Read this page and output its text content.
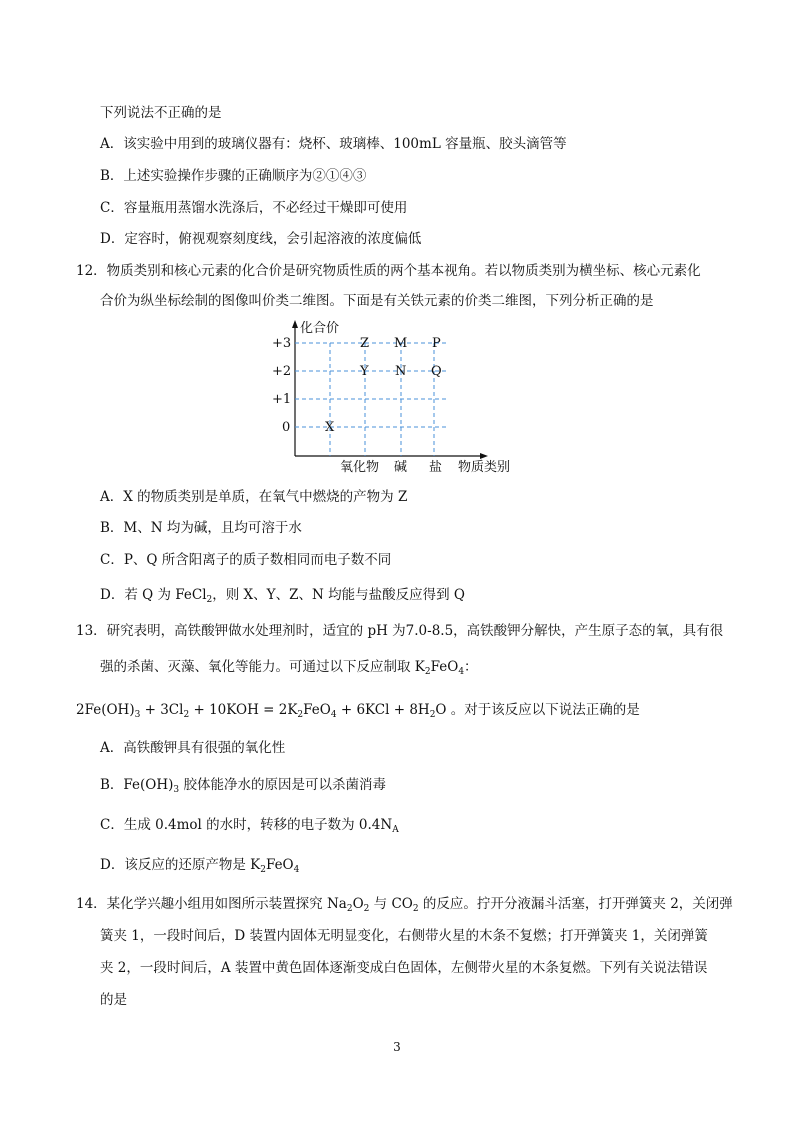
下列说法不正确的是
A．该实验中用到的玻璃仪器有：烧杯、玻璃棒、100mL 容量瓶、胶头滴管等
B．上述实验操作步骤的正确顺序为②①④③
C．容量瓶用蒸馏水洗涤后，不必经过干燥即可使用
D．定容时，俯视观察刻度线，会引起溶液的浓度偏低
12．物质类别和核心元素的化合价是研究物质性质的两个基本视角。若以物质类别为横坐标、核心元素化
合价为纵坐标绘制的图像叫价类二维图。下面是有关铁元素的价类二维图，下列分析正确的是
化合价
物质类别
+3
+2
+1
0
氧化物 碱 盐
X
Z
Y
M
N
P
Q
A．X 的物质类别是单质，在氧气中燃烧的产物为 Z
B．M、N 均为碱，且均可溶于水
C．P、Q 所含阳离子的质子数相同而电子数不同
D．若 Q 为 FeCl$_2$，则 X、Y、Z、N 均能与盐酸反应得到 Q
13．研究表明，高铁酸钾做水处理剂时，适宜的 pH 为7.0-8.5，高铁酸钾分解快，产生原子态的氧，具有很
强的杀菌、灭藻、氧化等能力。可通过以下反应制取 $K_2FeO_4$：
$2Fe(OH)_3 + 3Cl_2 + 10KOH = 2K_2FeO_4 + 6KCl + 8H_2O$ 。对于该反应以下说法正确的是
A．高铁酸钾具有很强的氧化性
B．$Fe(OH)_3$ 胶体能净水的原因是可以杀菌消毒
C．生成 0.4mol 的水时，转移的电子数为 $0.4N_A$
D．该反应的还原产物是 $K_2FeO_4$
14．某化学兴趣小组用如图所示装置探究 $Na_2O_2$ 与 $CO_2$ 的反应。拧开分液漏斗活塞，打开弹簧夹 2，关闭弹
簧夹 1，一段时间后，D 装置内固体无明显变化，右侧带火星的木条不复燃；打开弹簧夹 1，关闭弹簧
夹 2，一段时间后，A 装置中黄色固体逐渐变成白色固体，左侧带火星的木条复燃。下列有关说法错误
的是
3
